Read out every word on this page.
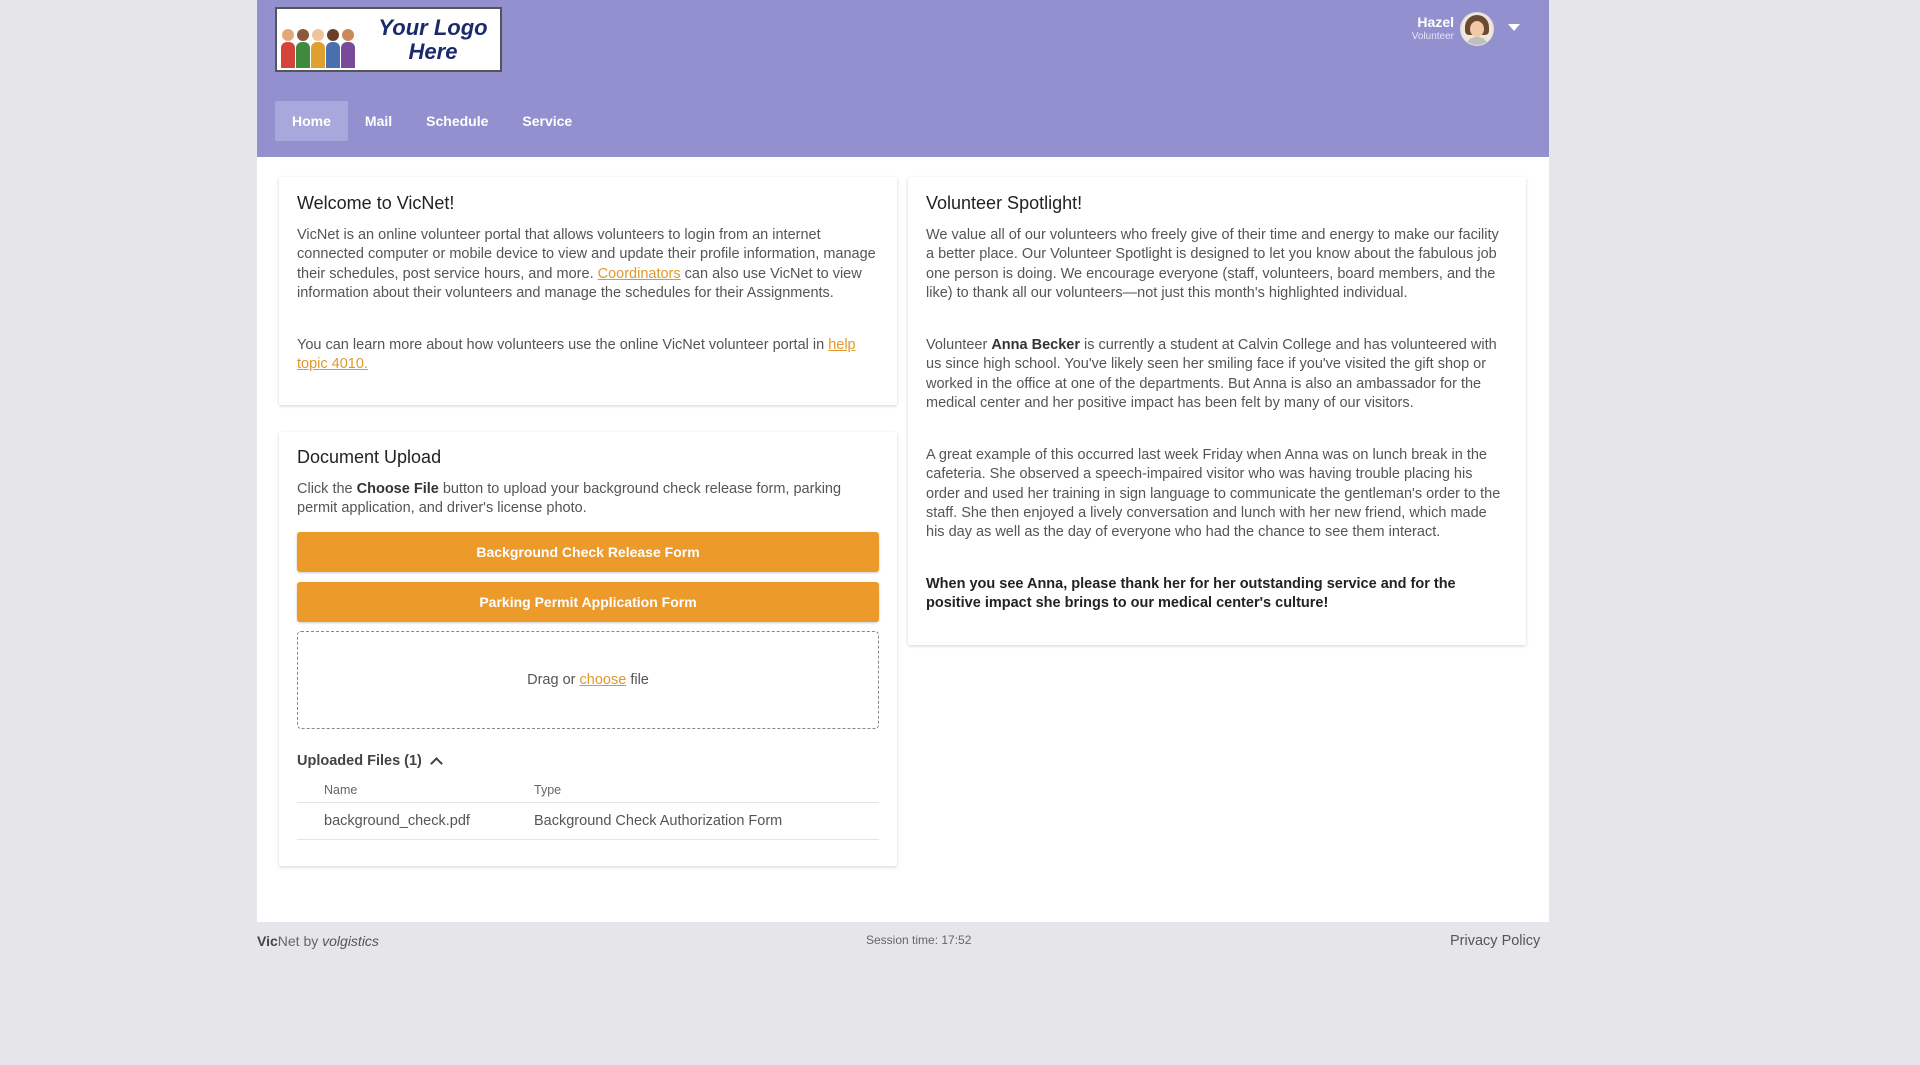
Your Logo Here
Hazel
Volunteer
Home	Mail	Schedule	Service
Welcome to VicNet!

VicNet is an online volunteer portal that allows volunteers to login from an internet connected computer or mobile device to view and update their profile information, manage their schedules, post service hours, and more. Coordinators can also use VicNet to view information about their volunteers and manage the schedules for their Assignments.

You can learn more about how volunteers use the online VicNet volunteer portal in help topic 4010.

Document Upload

Click the Choose File button to upload your background check release form, parking permit application, and driver's license photo.

Background Check Release Form
Parking Permit Application Form
Drag or
choose
file
Uploaded Files (1)
Name	Type
background_check.pdf	Background Check Authorization Form
Volunteer Spotlight!

We value all of our volunteers who freely give of their time and energy to make our facility a better place. Our Volunteer Spotlight is designed to let you know about the fabulous job one person is doing. We encourage everyone (staff, volunteers, board members, and the like) to thank all our volunteers—not just this month's highlighted individual.

Volunteer Anna Becker is currently a student at Calvin College and has volunteered with us since high school. You've likely seen her smiling face if you've visited the gift shop or worked in the office at one of the departments. But Anna is also an ambassador for the medical center and her positive impact has been felt by many of our visitors.

A great example of this occurred last week Friday when Anna was on lunch break in the cafeteria. She observed a speech-impaired visitor who was having trouble placing his order and used her training in sign language to communicate the gentleman's order to the staff. She then enjoyed a lively conversation and lunch with her new friend, which made his day as well as the day of everyone who had the chance to see them interact.

When you see Anna, please thank her for her outstanding service and for the positive impact she brings to our medical center's culture!

VicNet by volgistics	Session time: 17:52	Privacy Policy
